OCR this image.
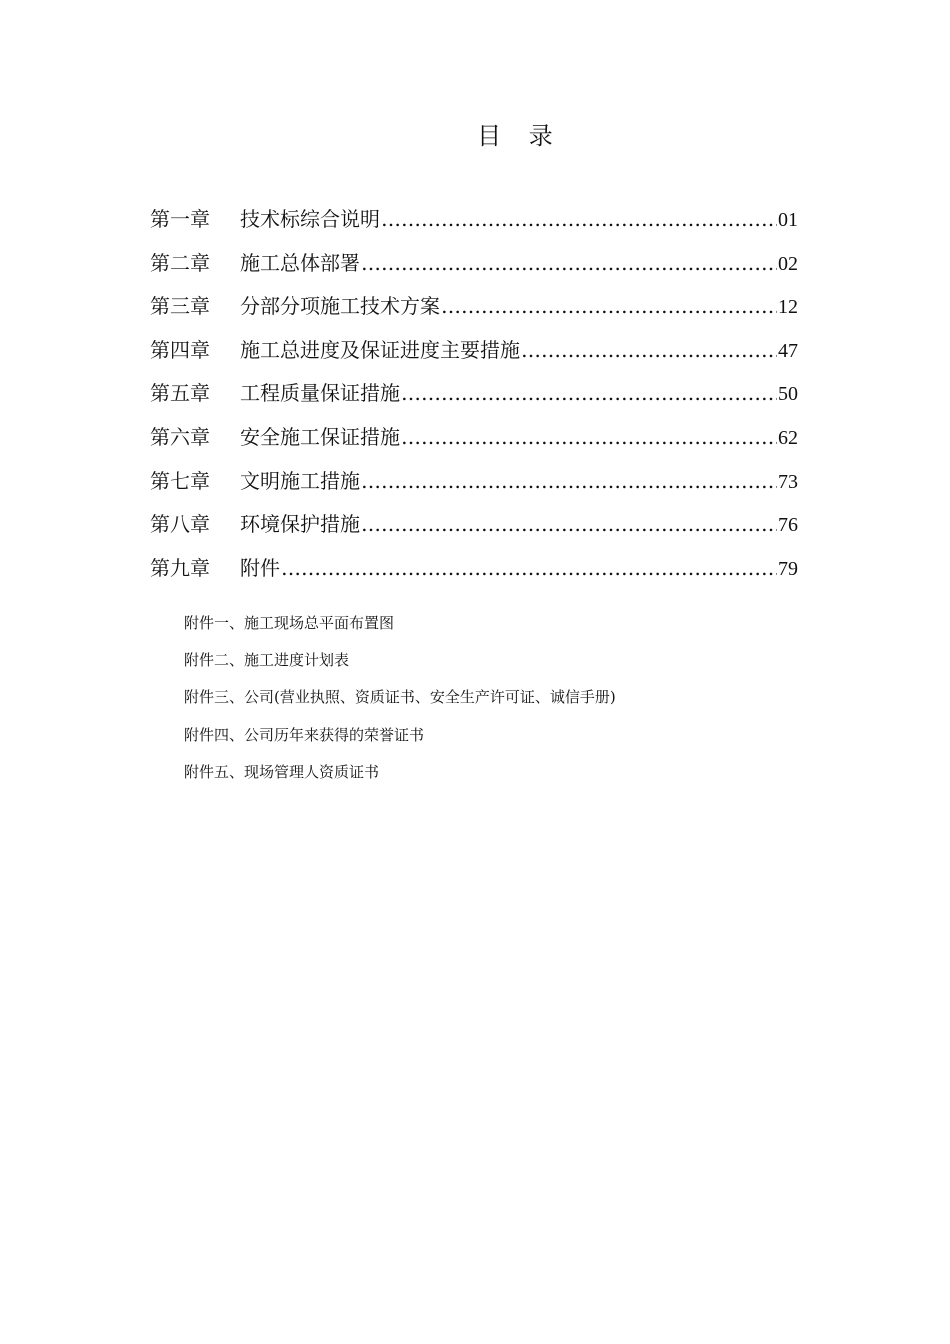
目 录
第一章	技术标综合说明 ……………………………………………………………………………………………………………………………………………………	01
第二章	施工总体部署 ……………………………………………………………………………………………………………………………………………………	02
第三章	分部分项施工技术方案 ……………………………………………………………………………………………………………………………………………………	12
第四章	施工总进度及保证进度主要措施 ……………………………………………………………………………………………………………………………………………………	47
第五章	工程质量保证措施 ……………………………………………………………………………………………………………………………………………………	50
第六章	安全施工保证措施 ……………………………………………………………………………………………………………………………………………………	62
第七章	文明施工措施 ……………………………………………………………………………………………………………………………………………………	73
第八章	环境保护措施 ……………………………………………………………………………………………………………………………………………………	76
第九章	附件 ……………………………………………………………………………………………………………………………………………………	79
附件一、施工现场总平面布置图
附件二、施工进度计划表
附件三、公司(营业执照、资质证书、安全生产许可证、诚信手册)
附件四、公司历年来获得的荣誉证书
附件五、现场管理人资质证书
